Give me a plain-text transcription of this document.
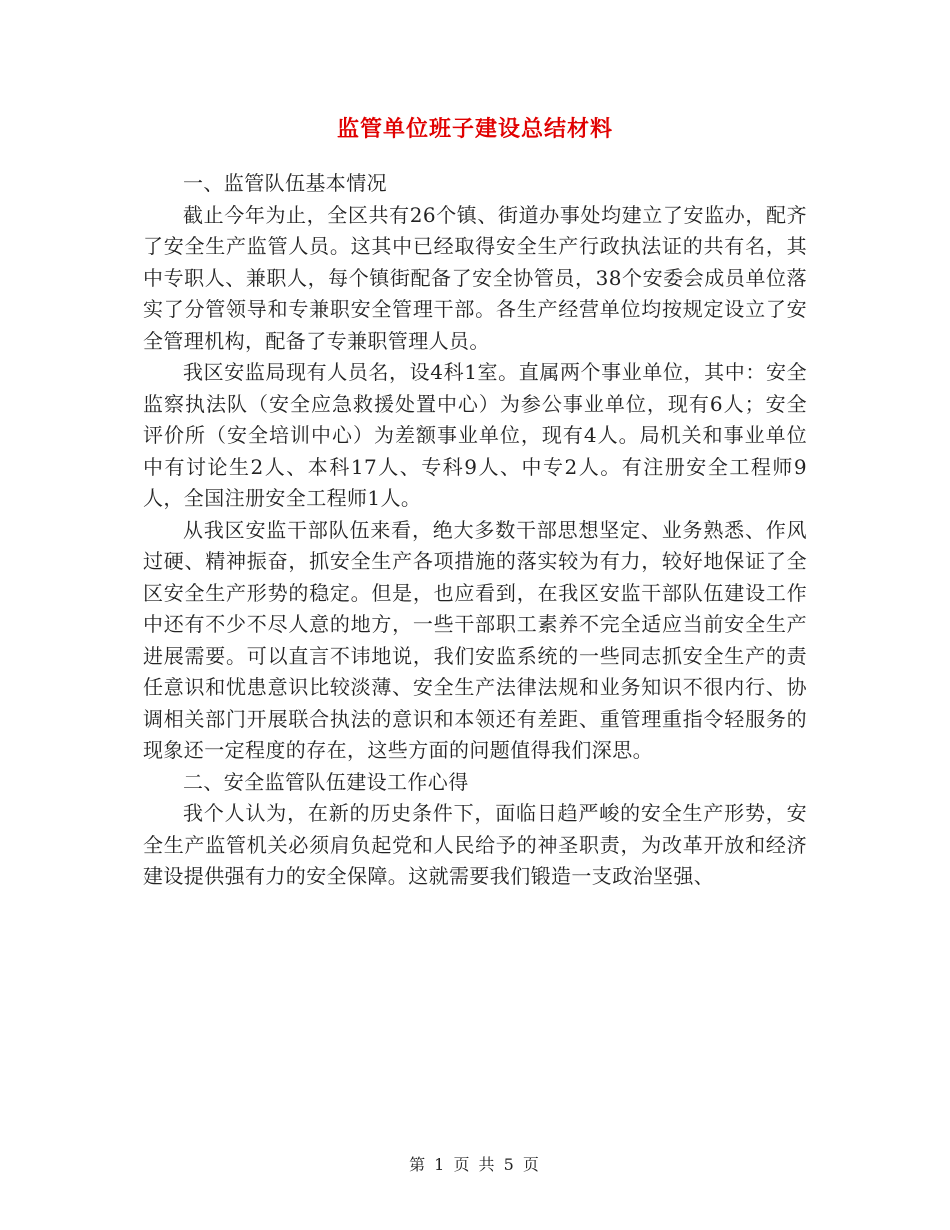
监管单位班子建设总结材料

一、监管队伍基本情况

截止今年为止，全区共有26个镇、街道办事处均建立了安监办，配齐了安全生产监管人员。这其中已经取得安全生产行政执法证的共有名，其中专职人、兼职人，每个镇街配备了安全协管员，38个安委会成员单位落实了分管领导和专兼职安全管理干部。各生产经营单位均按规定设立了安全管理机构，配备了专兼职管理人员。

我区安监局现有人员名，设4科1室。直属两个事业单位，其中：安全监察执法队（安全应急救援处置中心）为参公事业单位，现有6人；安全评价所（安全培训中心）为差额事业单位，现有4人。局机关和事业单位中有讨论生2人、本科17人、专科9人、中专2人。有注册安全工程师9人，全国注册安全工程师1人。

从我区安监干部队伍来看，绝大多数干部思想坚定、业务熟悉、作风过硬、精神振奋，抓安全生产各项措施的落实较为有力，较好地保证了全区安全生产形势的稳定。但是，也应看到，在我区安监干部队伍建设工作中还有不少不尽人意的地方，一些干部职工素养不完全适应当前安全生产进展需要。可以直言不讳地说，我们安监系统的一些同志抓安全生产的责任意识和忧患意识比较淡薄、安全生产法律法规和业务知识不很内行、协调相关部门开展联合执法的意识和本领还有差距、重管理重指令轻服务的现象还一定程度的存在，这些方面的问题值得我们深思。

二、安全监管队伍建设工作心得

我个人认为，在新的历史条件下，面临日趋严峻的安全生产形势，安全生产监管机关必须肩负起党和人民给予的神圣职责，为改革开放和经济建设提供强有力的安全保障。这就需要我们锻造一支政治坚强、

第 1 页 共 5 页
